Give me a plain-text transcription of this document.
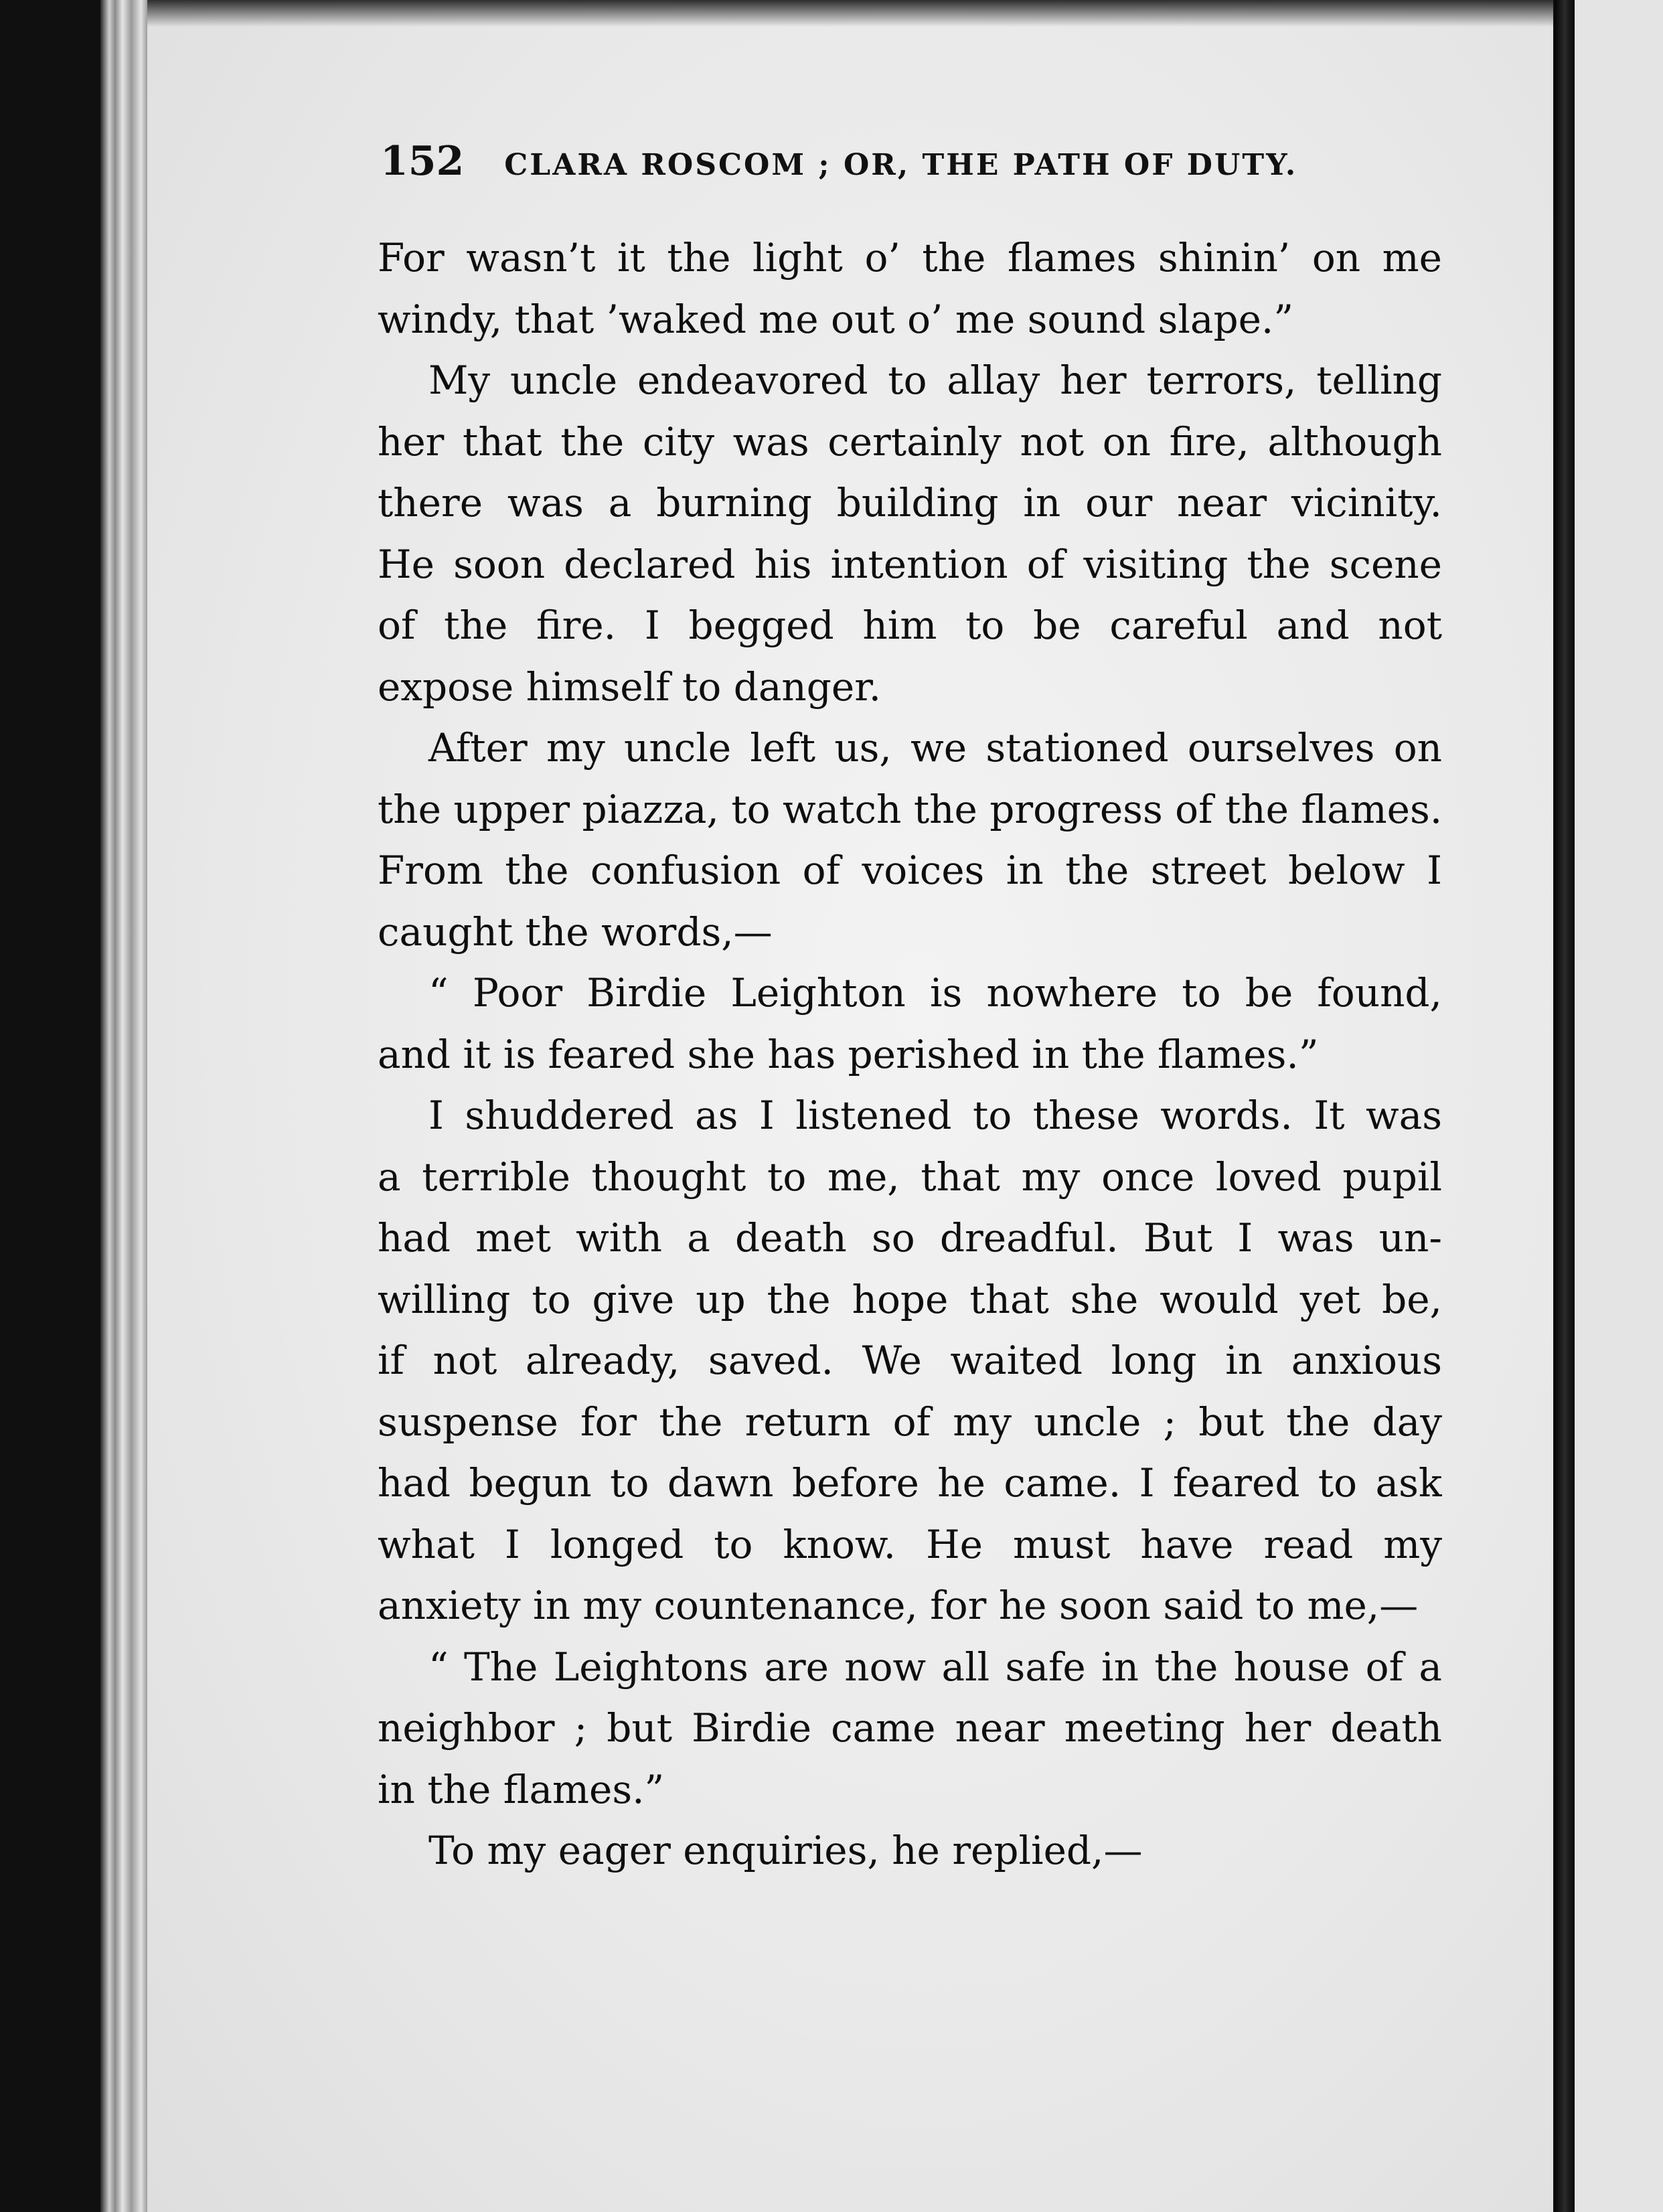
152 CLARA ROSCOM ; OR, THE PATH OF DUTY.
For wasn’t it the light o’ the flames shinin’ on me
windy, that ’waked me out o’ me sound slape.”
My uncle endeavored to allay her terrors, telling
her that the city was certainly not on fire, although
there was a burning building in our near vicinity.
He soon declared his intention of visiting the scene
of the fire. I begged him to be careful and not
expose himself to danger.
After my uncle left us, we stationed ourselves on
the upper piazza, to watch the progress of the flames.
From the confusion of voices in the street below I
caught the words,—
“ Poor Birdie Leighton is nowhere to be found,
and it is feared she has perished in the flames.”
I shuddered as I listened to these words. It was
a terrible thought to me, that my once loved pupil
had met with a death so dreadful. But I was un-
willing to give up the hope that she would yet be,
if not already, saved. We waited long in anxious
suspense for the return of my uncle ; but the day
had begun to dawn before he came. I feared to ask
what I longed to know. He must have read my
anxiety in my countenance, for he soon said to me,—
“ The Leightons are now all safe in the house of a
neighbor ; but Birdie came near meeting her death
in the flames.”
To my eager enquiries, he replied,—
